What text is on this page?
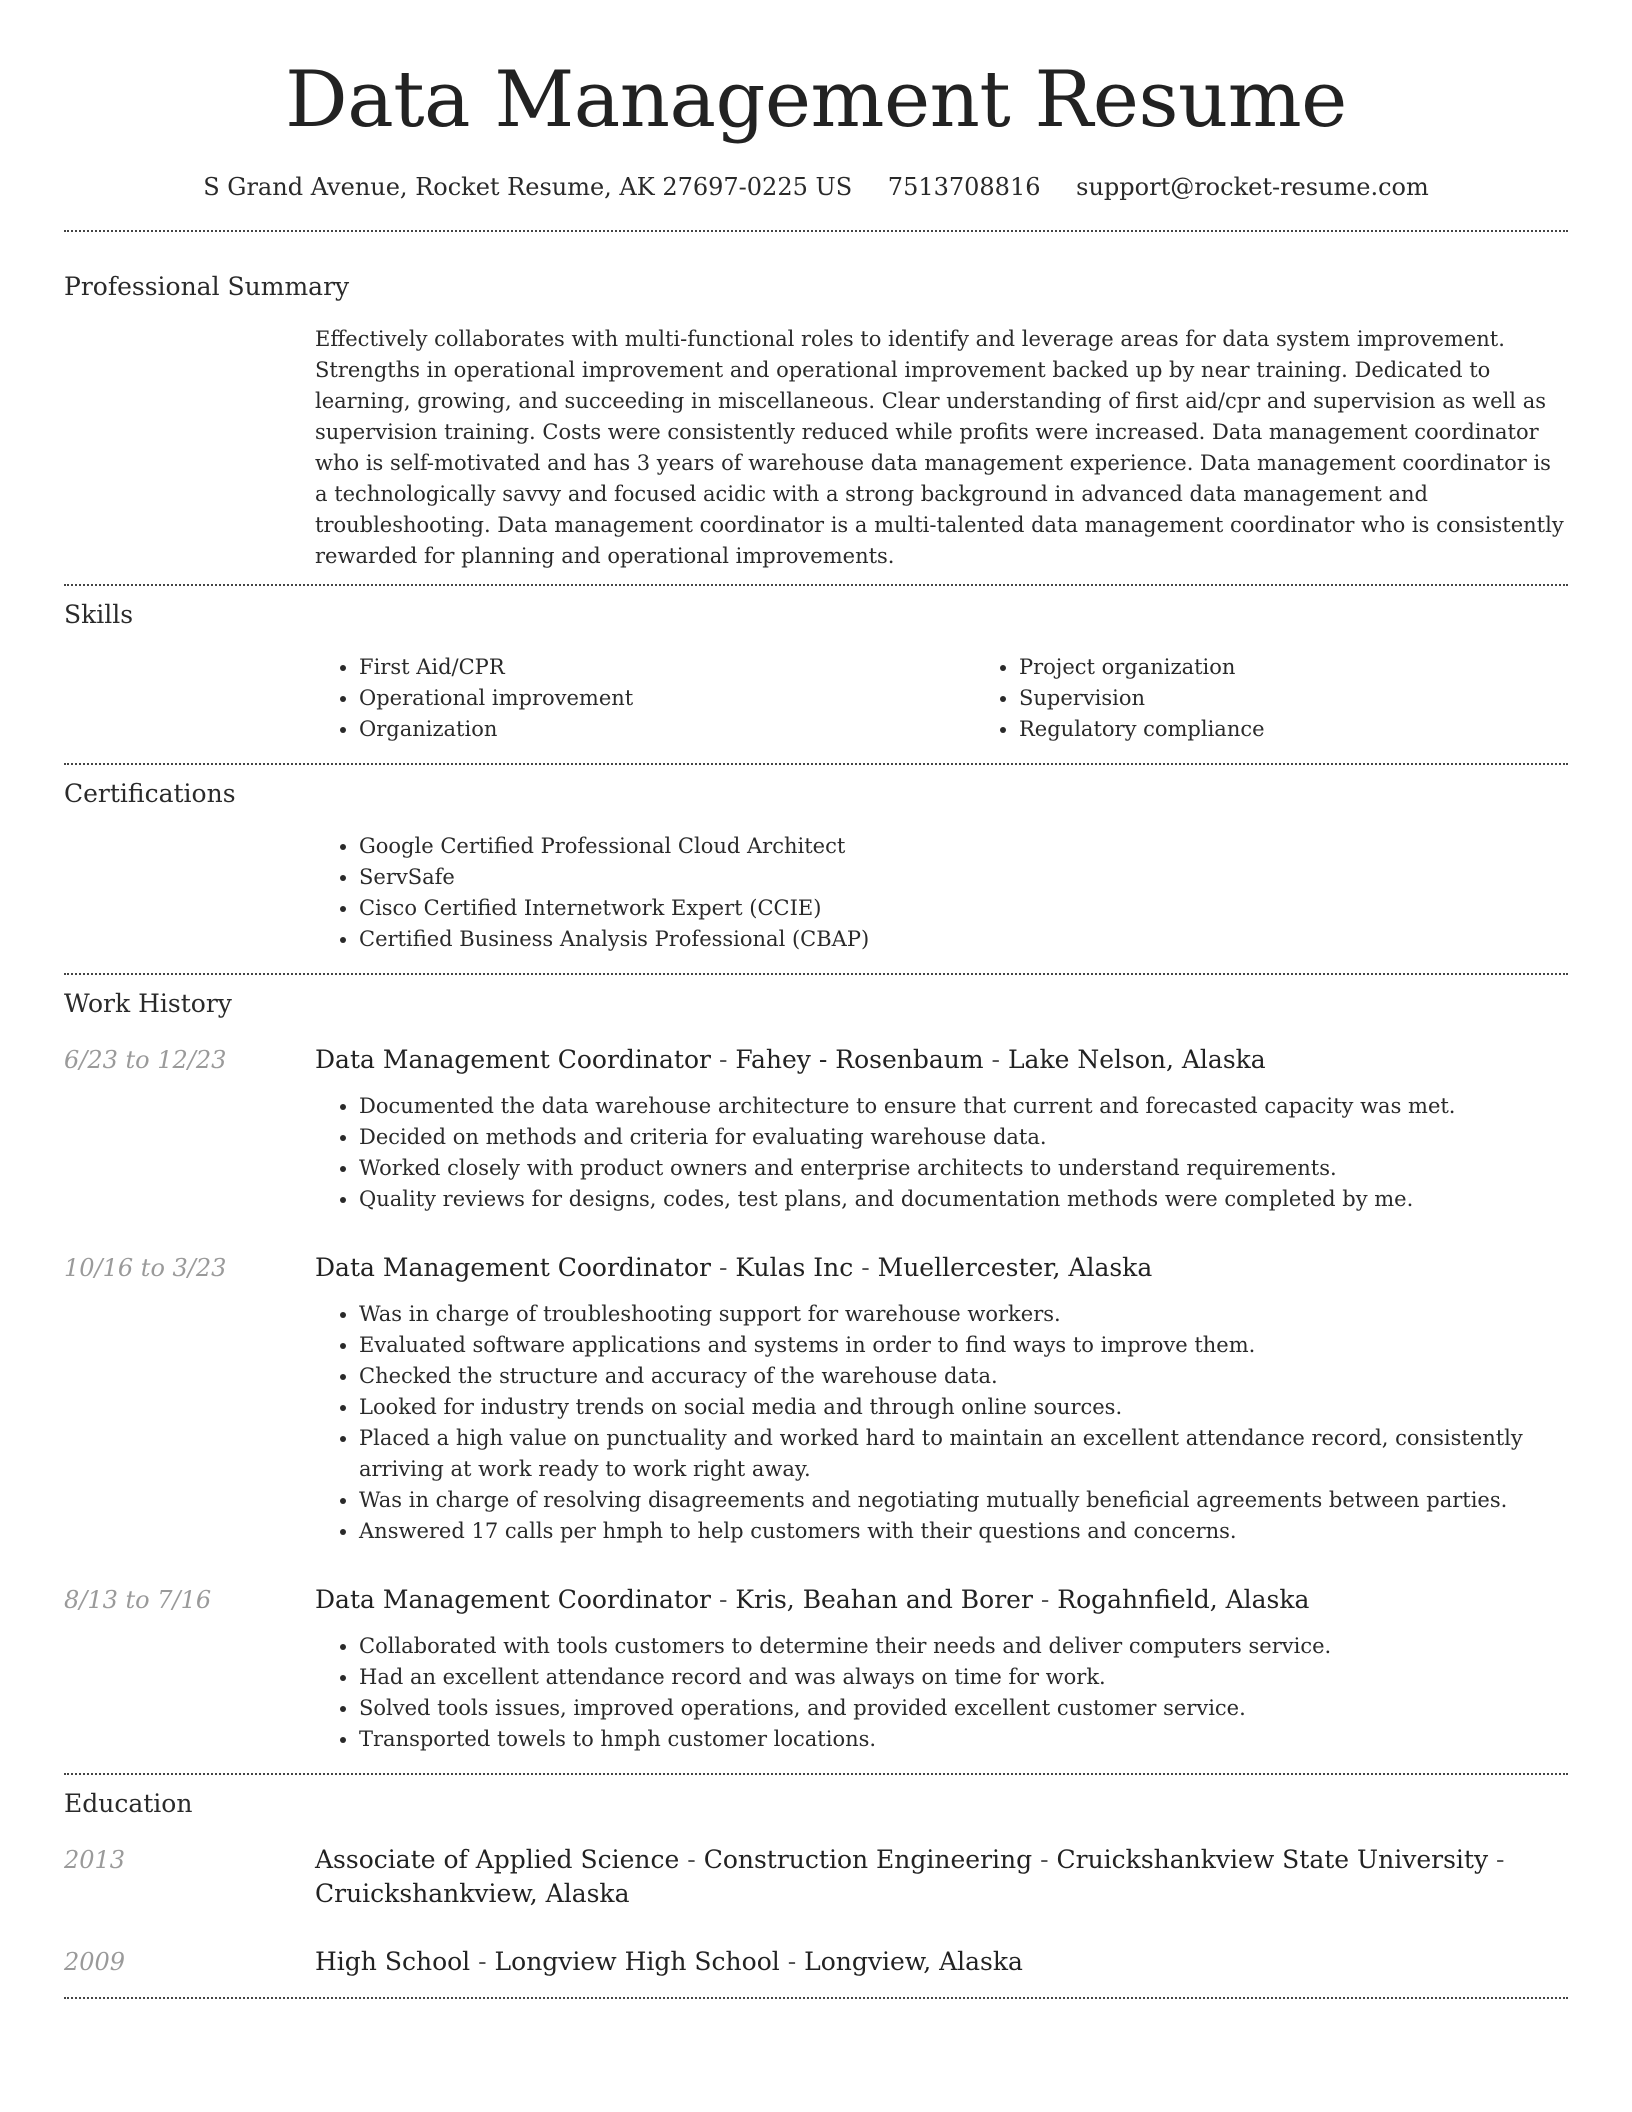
Data Management Resume
S Grand Avenue, Rocket Resume, AK 27697-0225 US 7513708816 support@rocket-resume.com
Professional Summary

Effectively collaborates with multi-functional roles to identify and leverage areas for data system improvement. Strengths in operational improvement and operational improvement backed up by near training. Dedicated to learning, growing, and succeeding in miscellaneous. Clear understanding of first aid/cpr and supervision as well as supervision training. Costs were consistently reduced while profits were increased. Data management coordinator who is self-motivated and has 3 years of warehouse data management experience. Data management coordinator is a technologically savvy and focused acidic with a strong background in advanced data management and troubleshooting. Data management coordinator is a multi-talented data management coordinator who is consistently rewarded for planning and operational improvements.

Skills
• First Aid/CPR
• Operational improvement
• Organization
• Project organization
• Supervision
• Regulatory compliance
Certifications
• Google Certified Professional Cloud Architect
• ServSafe
• Cisco Certified Internetwork Expert (CCIE)
• Certified Business Analysis Professional (CBAP)
Work History
6/23 to 12/23	Data Management Coordinator - Fahey - Rosenbaum - Lake Nelson, Alaska
• Documented the data warehouse architecture to ensure that current and forecasted capacity was met.
• Decided on methods and criteria for evaluating warehouse data.
• Worked closely with product owners and enterprise architects to understand requirements.
• Quality reviews for designs, codes, test plans, and documentation methods were completed by me.
10/16 to 3/23	Data Management Coordinator - Kulas Inc - Muellercester, Alaska
• Was in charge of troubleshooting support for warehouse workers.
• Evaluated software applications and systems in order to find ways to improve them.
• Checked the structure and accuracy of the warehouse data.
• Looked for industry trends on social media and through online sources.
• Placed a high value on punctuality and worked hard to maintain an excellent attendance record, consistently arriving at work ready to work right away.
• Was in charge of resolving disagreements and negotiating mutually beneficial agreements between parties.
• Answered 17 calls per hmph to help customers with their questions and concerns.
8/13 to 7/16	Data Management Coordinator - Kris, Beahan and Borer - Rogahnfield, Alaska
• Collaborated with tools customers to determine their needs and deliver computers service.
• Had an excellent attendance record and was always on time for work.
• Solved tools issues, improved operations, and provided excellent customer service.
• Transported towels to hmph customer locations.
Education
2013	Associate of Applied Science - Construction Engineering - Cruickshankview State University - Cruickshankview, Alaska
2009	High School - Longview High School - Longview, Alaska
